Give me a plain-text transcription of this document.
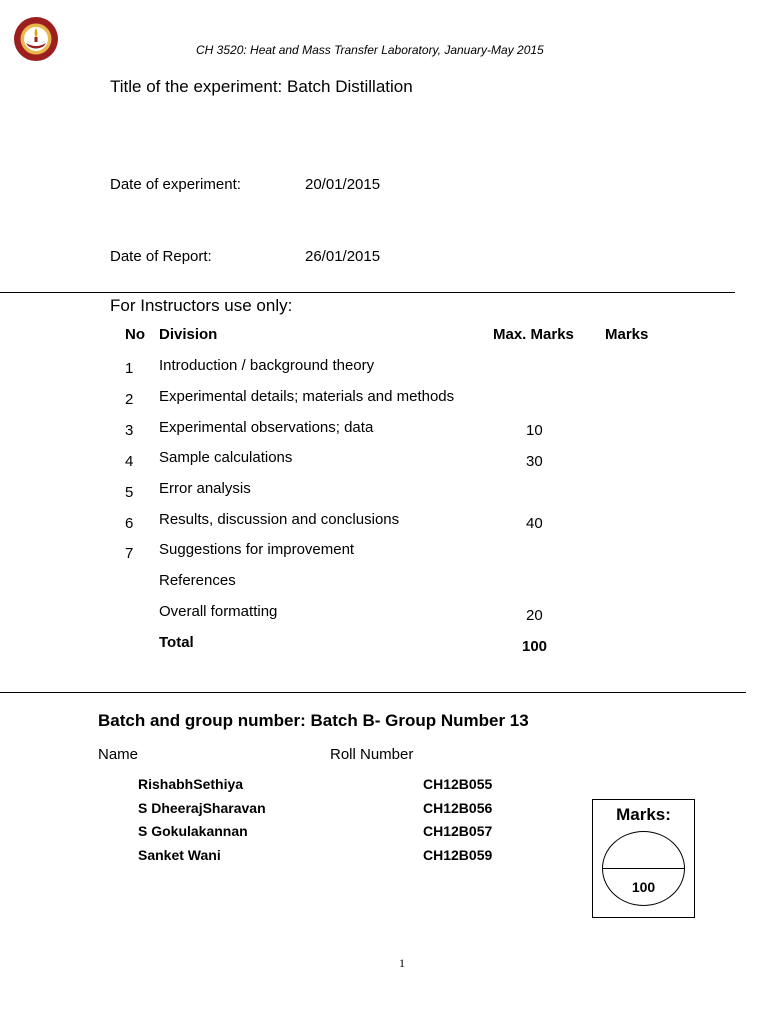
CH 3520: Heat and Mass Transfer Laboratory, January-May 2015
Title of the experiment: Batch Distillation
Date of experiment:	20/01/2015
Date of Report:	26/01/2015
For Instructors use only:
No Division	Max. Marks Marks
1 Introduction / background theory
2 Experimental details; materials and methods
3 Experimental observations; data	10
4 Sample calculations	30
5 Error analysis
6 Results, discussion and conclusions	40
7 Suggestions for improvement
References
Overall formatting	20
Total	100
Batch and group number: Batch B- Group Number 13
Name	Roll Number
RishabhSethiya	CH12B055
S DheerajSharavan	CH12B056
S Gokulakannan	CH12B057
Sanket Wani	CH12B059
Marks:
100
1
